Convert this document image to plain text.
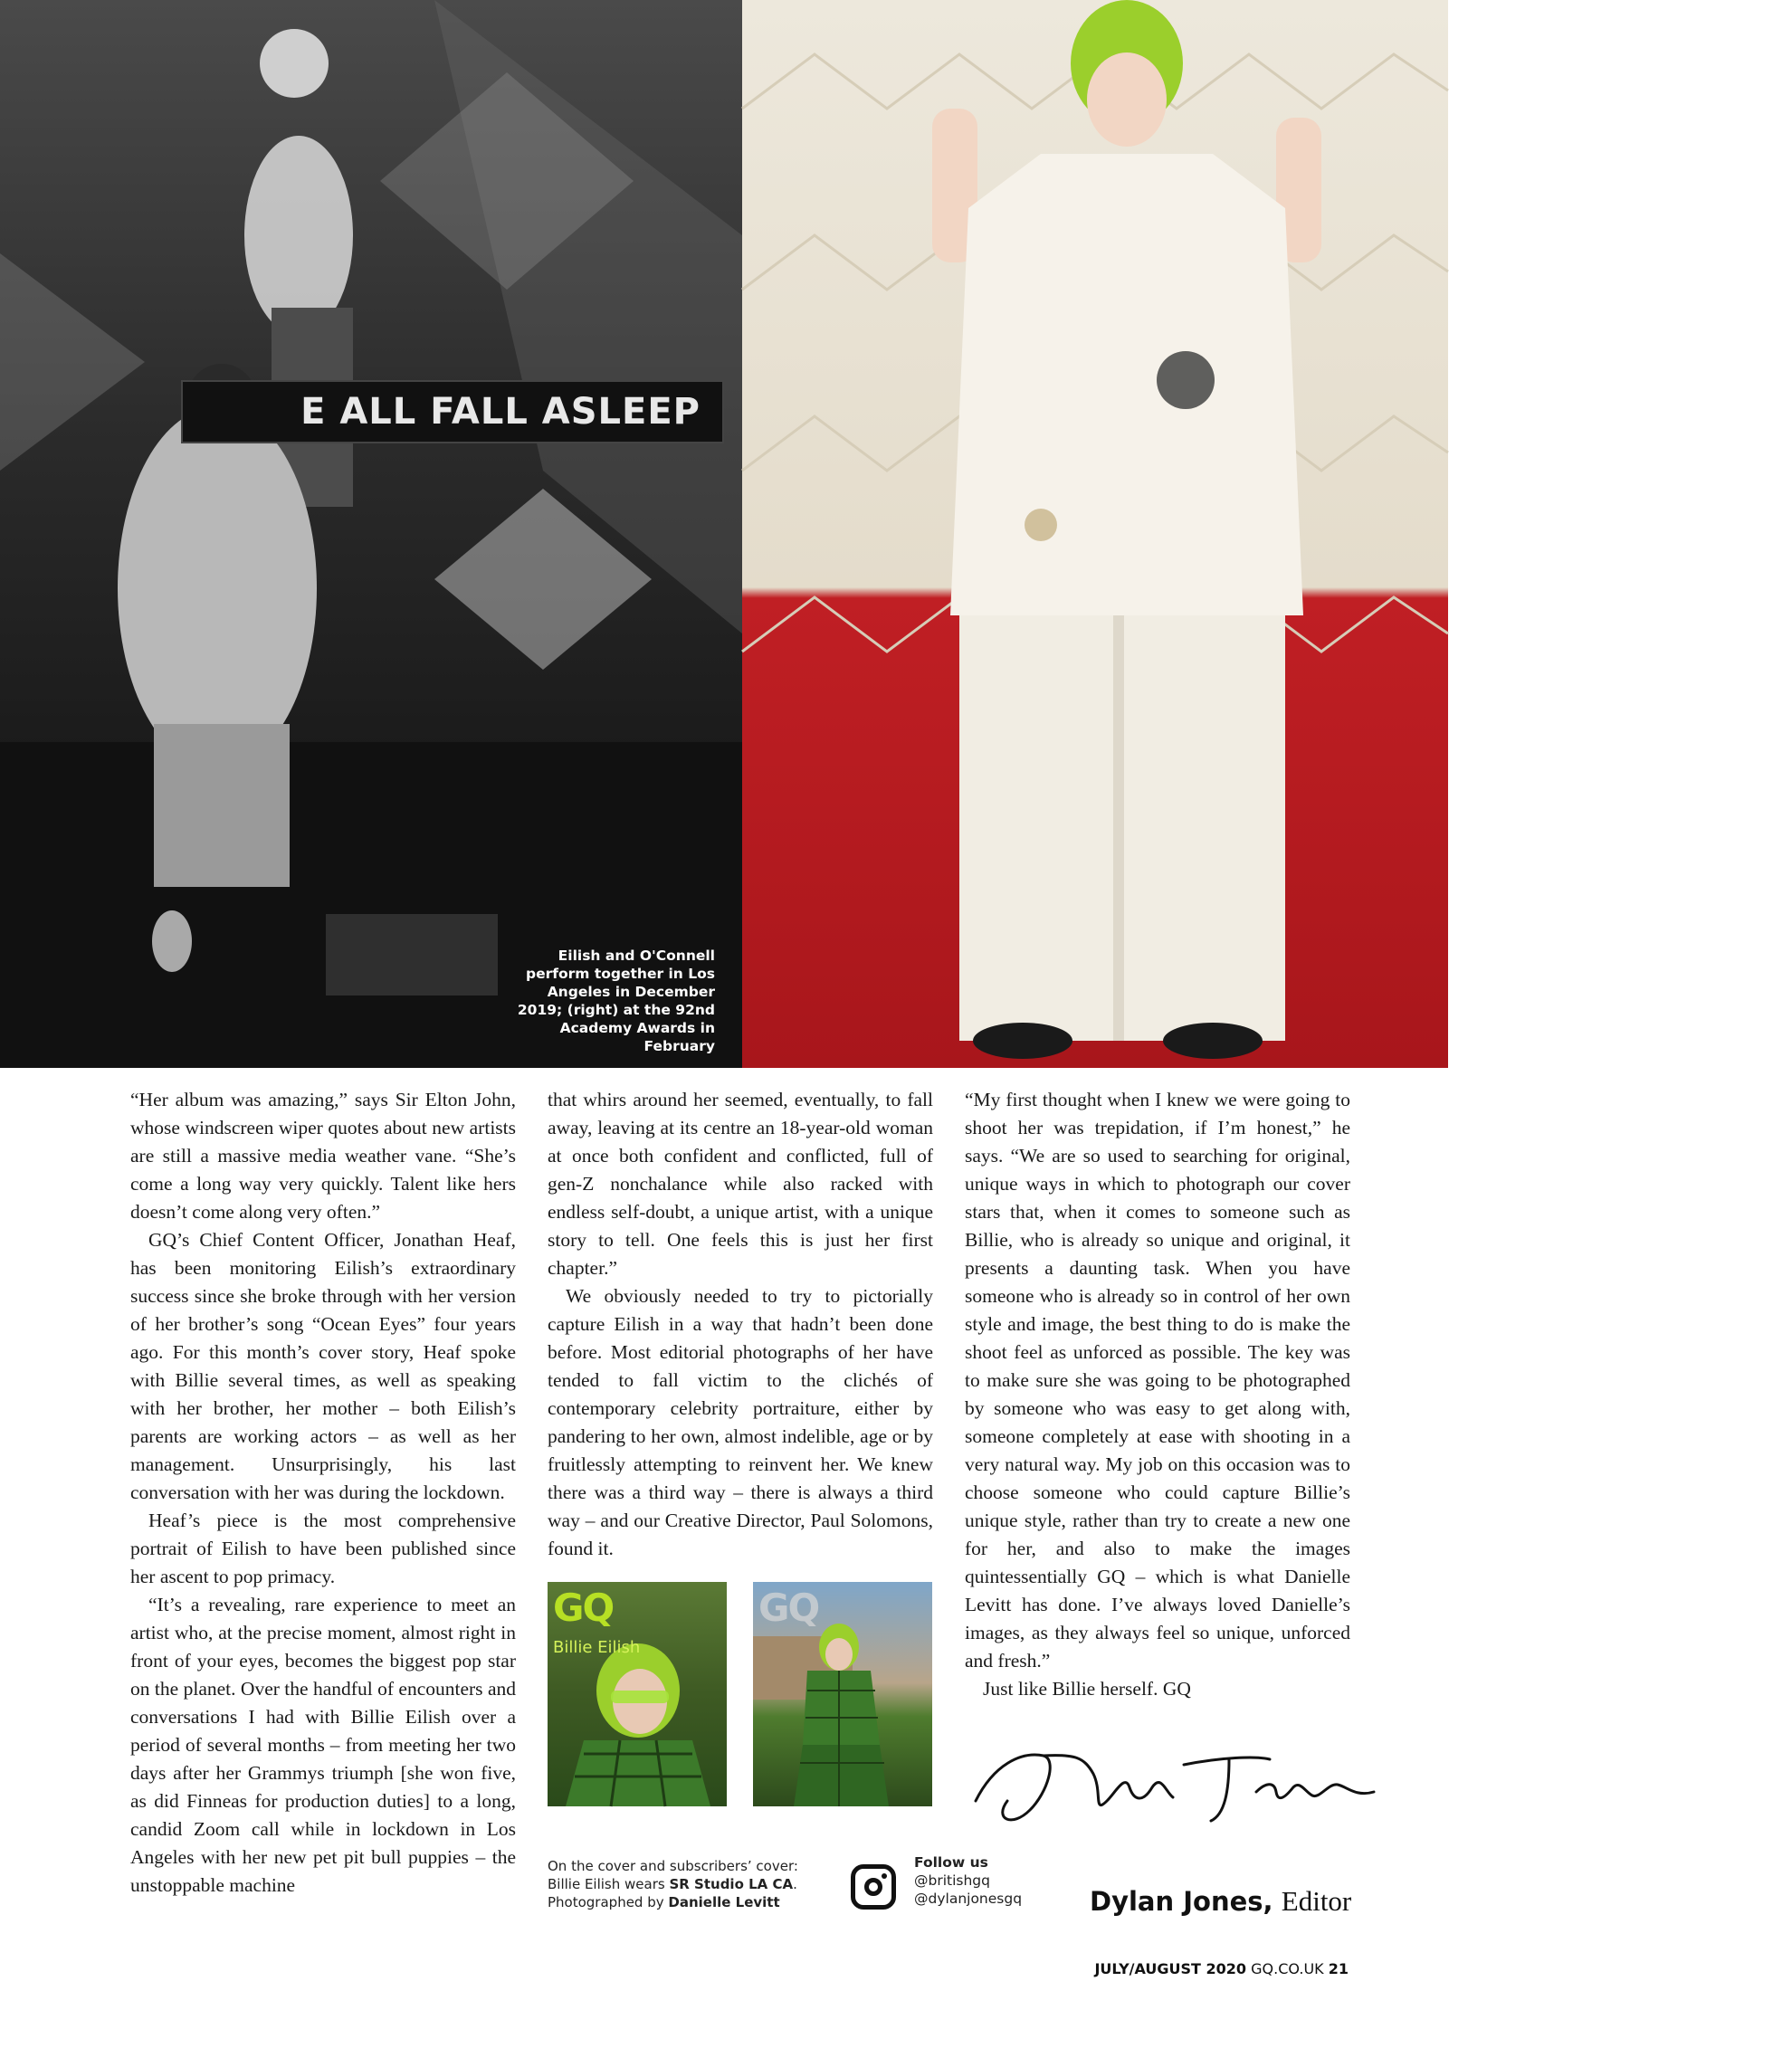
E ALL FALL ASLEEP
Eilish and O'Connell perform together in Los Angeles in December 2019; (right) at the 92nd Academy Awards in February
Her songs are personal, strident and often painfully intimate

“Her album was amazing,” says Sir Elton John, whose windscreen wiper quotes about new artists are still a massive media weather vane. “She’s come a long way very quickly. Talent like hers doesn’t come along very often.”

GQ’s Chief Content Officer, Jonathan Heaf, has been monitoring Eilish’s extraordinary success since she broke through with her version of her brother’s song “Ocean Eyes” four years ago. For this month’s cover story, Heaf spoke with Billie several times, as well as speaking with her brother, her mother – both Eilish’s parents are working actors – as well as her management. Unsurprisingly, his last conversation with her was during the lockdown.

Heaf’s piece is the most comprehensive portrait of Eilish to have been published since her ascent to pop primacy.

“It’s a revealing, rare experience to meet an artist who, at the precise moment, almost right in front of your eyes, becomes the biggest pop star on the planet. Over the handful of encounters and conversations I had with Billie Eilish over a period of several months – from meeting her two days after her Grammys triumph [she won five, as did Finneas for production duties] to a long, candid Zoom call while in lockdown in Los Angeles with her new pet pit bull puppies – the unstoppable machine

that whirs around her seemed, eventually, to fall away, leaving at its centre an 18-year-old woman at once both confident and conflicted, full of gen-Z nonchalance while also racked with endless self-doubt, a unique artist, with a unique story to tell. One feels this is just her first chapter.”

We obviously needed to try to pictorially capture Eilish in a way that hadn’t been done before. Most editorial photographs of her have tended to fall victim to the clichés of contemporary celebrity portraiture, either by pandering to her own, almost indelible, age or by fruitlessly attempting to reinvent her. We knew there was a third way – there is always a third way – and our Creative Director, Paul Solomons, found it.

“My first thought when I knew we were going to shoot her was trepidation, if I’m honest,” he says. “We are so used to searching for original, unique ways in which to photograph our cover stars that, when it comes to someone such as Billie, who is already so unique and original, it presents a daunting task. When you have someone who is already so in control of her own style and image, the best thing to do is make the shoot feel as unforced as possible. The key was to make sure she was going to be photographed by someone who was easy to get along with, someone completely at ease with shooting in a very natural way. My job on this occasion was to choose someone who could capture Billie’s unique style, rather than try to create a new one for her, and also to make the images quintessentially GQ – which is what Danielle Levitt has done. I’ve always loved Danielle’s images, as they always feel so unique, unforced and fresh.”

Just like Billie herself. GQ

GQ
Billie Eilish
GQ
On the cover and subscribers’ cover:
Billie Eilish wears SR Studio LA CA.
Photographed by Danielle Levitt
Follow us
@britishgq
@dylanjonesgq	Dylan Jones, Editor
JULY/AUGUST 2020 GQ.CO.UK 21
